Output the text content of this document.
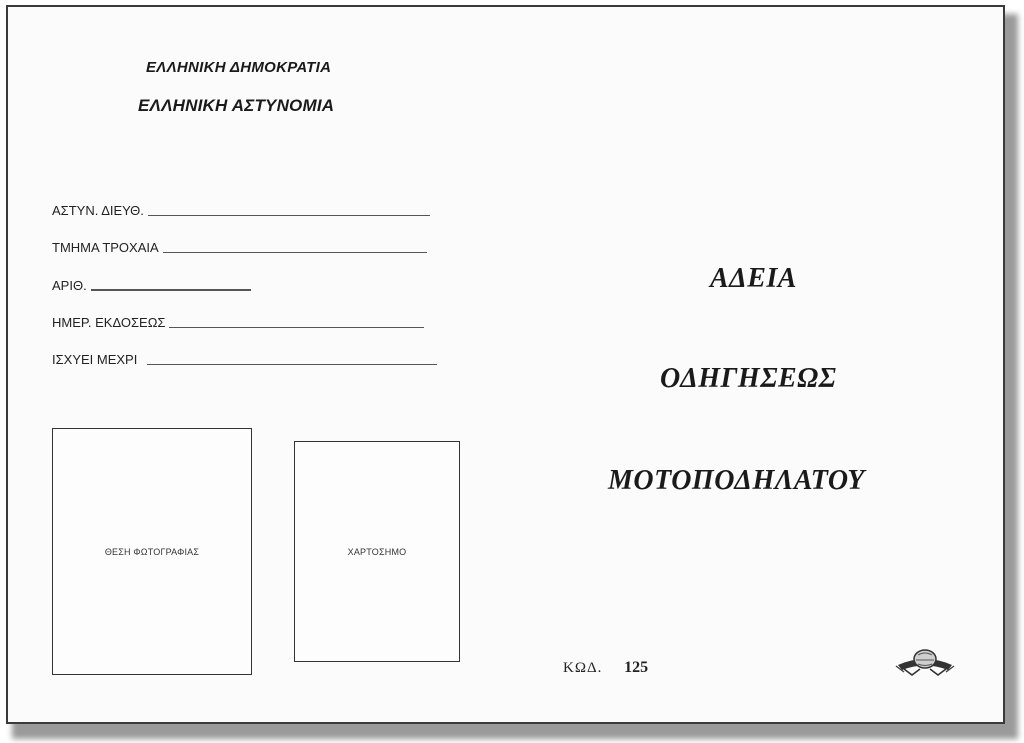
ΕΛΛΗΝΙΚΗ ΔΗΜΟΚΡΑΤΙΑ
ΕΛΛΗΝΙΚΗ ΑΣΤΥΝΟΜΙΑ
ΑΣΤΥΝ. ΔΙΕΥΘ.
ΤΜΗΜΑ ΤΡΟΧΑΙΑ
ΑΡΙΘ.
ΗΜΕΡ. ΕΚΔΟΣΕΩΣ
ΙΣΧΥΕΙ ΜΕΧΡΙ
ΘΕΣΗ ΦΩΤΟΓΡΑΦΙΑΣ	ΧΑΡΤΟΣΗΜΟ
ΑΔΕΙΑ
ΟΔΗΓΗΣΕΩΣ
ΜΟΤΟΠΟΔΗΛΑΤΟΥ
ΚΩΔ. 125
